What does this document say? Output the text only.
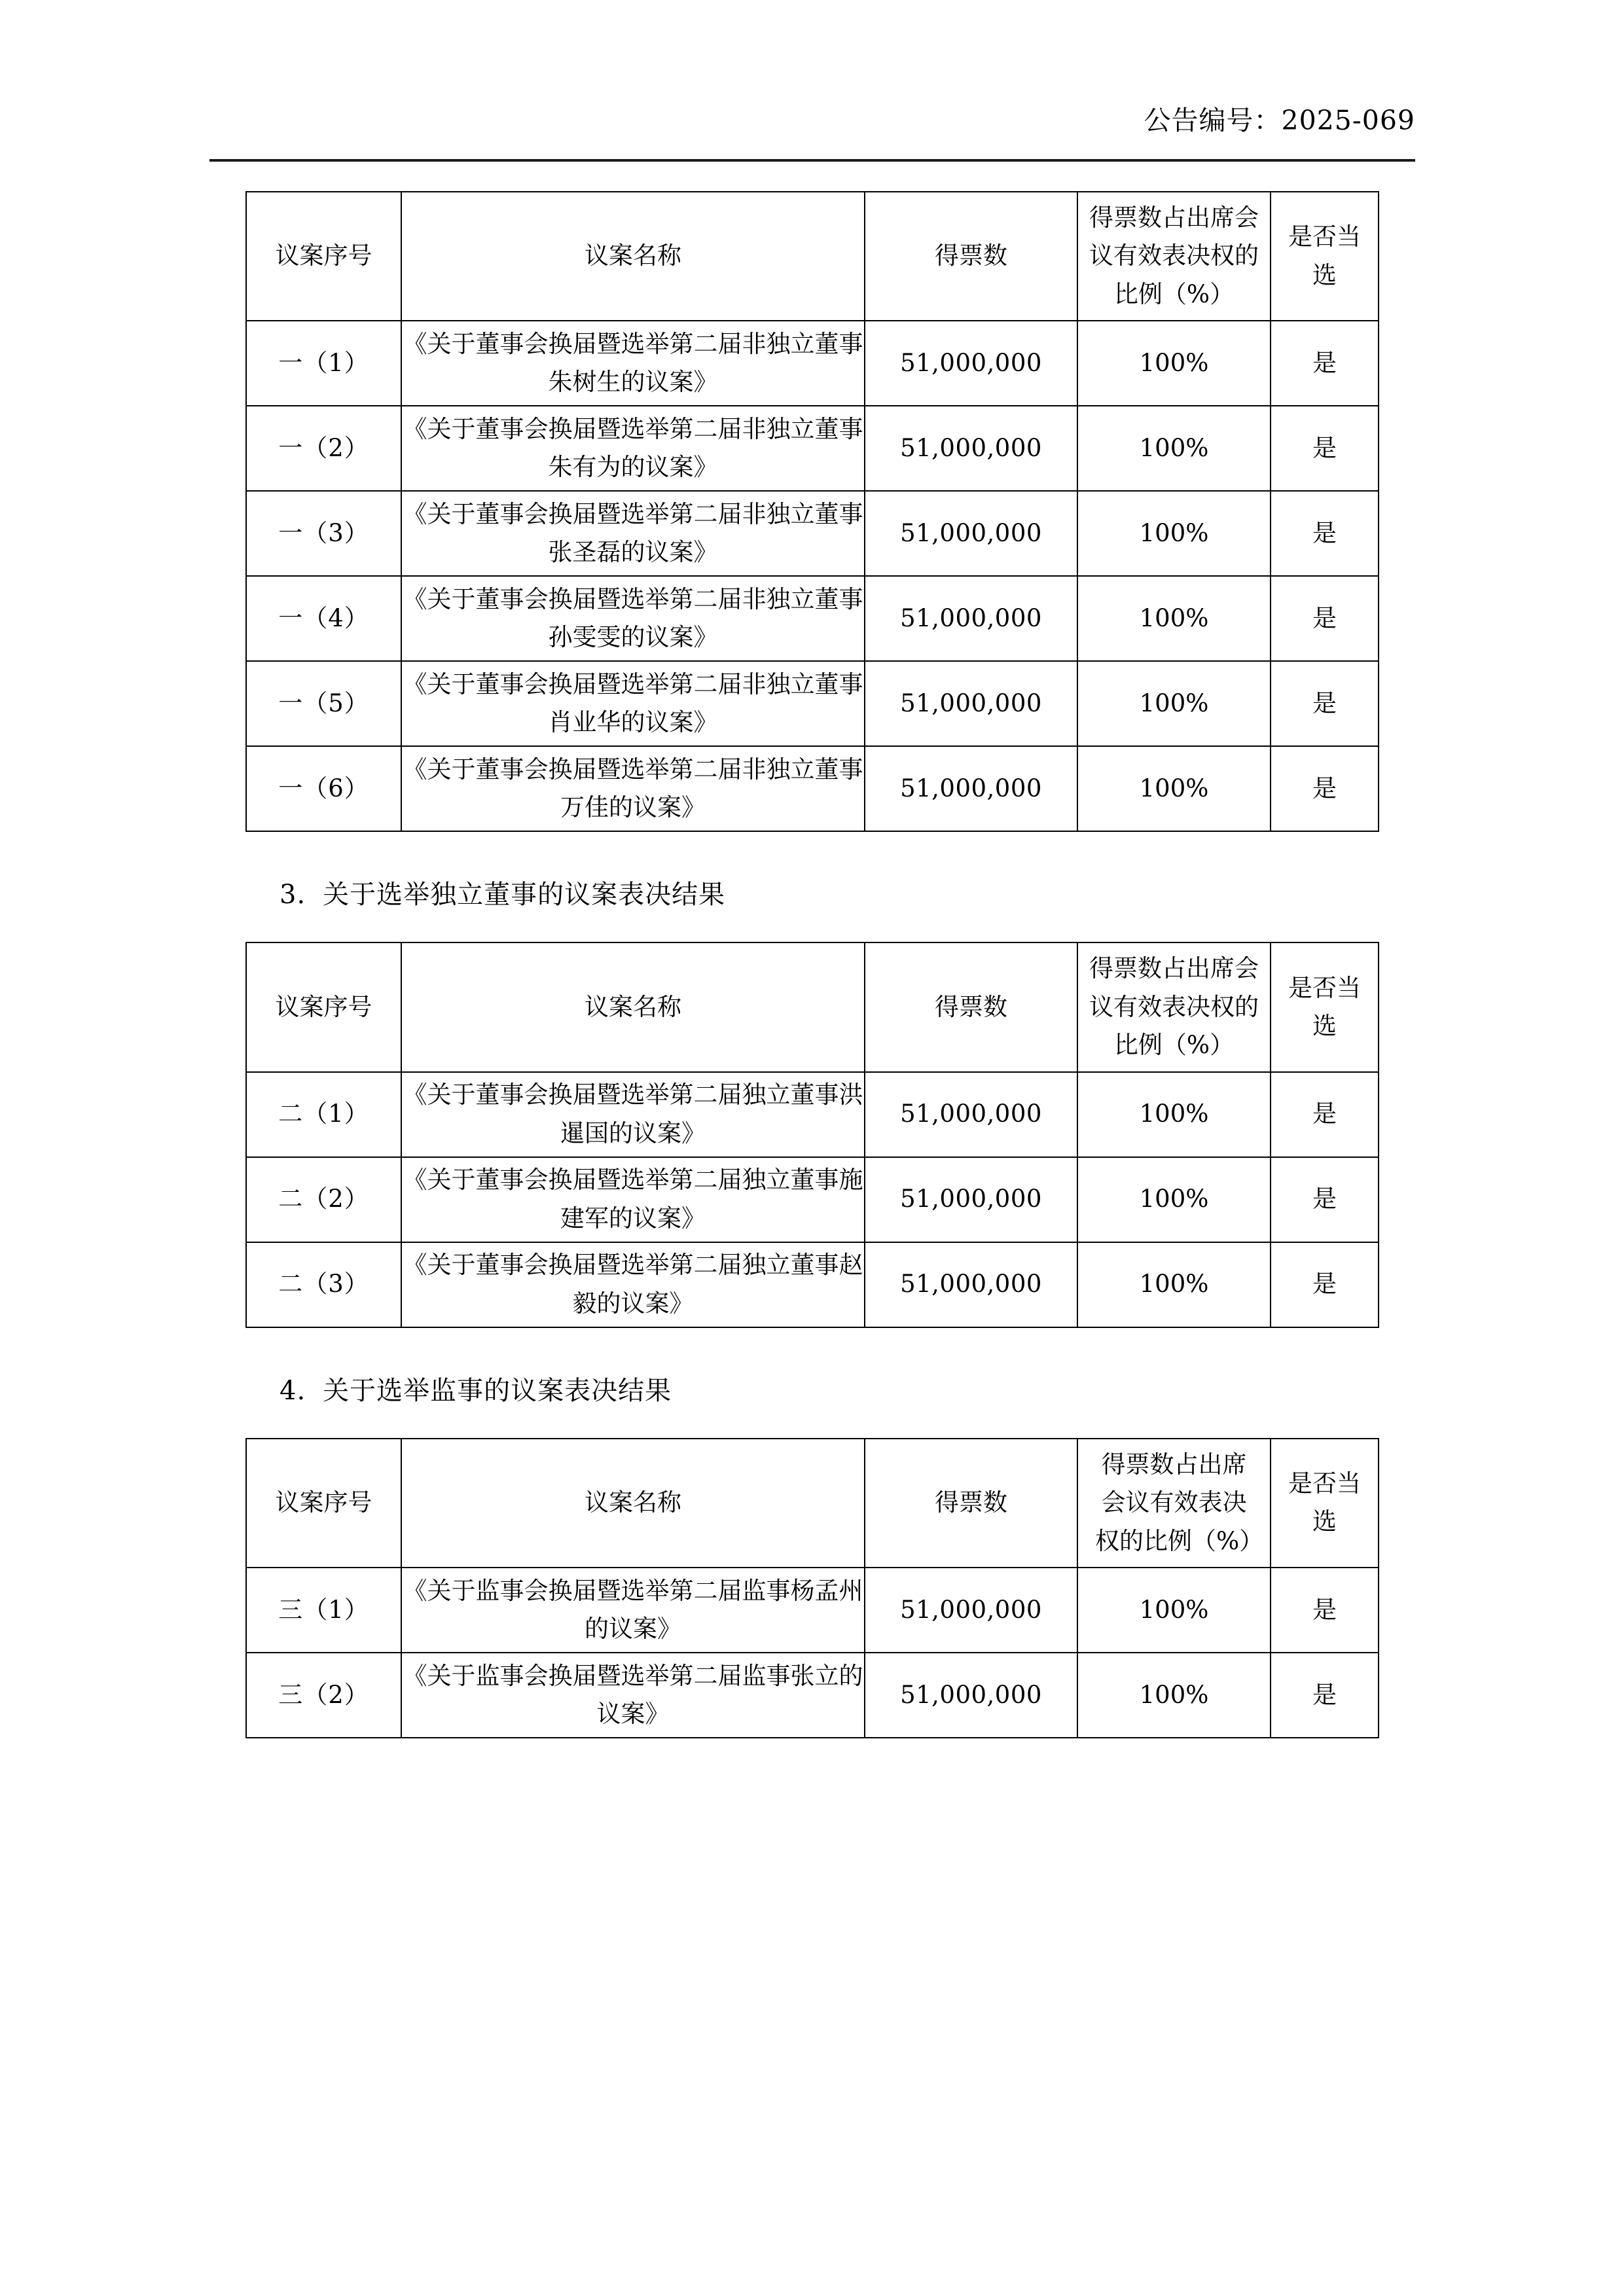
公告编号：2025-069
议案序号	议案名称	得票数	得票数占出席会议有效表决权的比例（%）	是否当选

一（1）	《关于董事会换届暨选举第二届非独立董事朱树生的议案》	51,000,000	100%	是
一（2）	《关于董事会换届暨选举第二届非独立董事朱有为的议案》	51,000,000	100%	是
一（3）	《关于董事会换届暨选举第二届非独立董事张圣磊的议案》	51,000,000	100%	是
一（4）	《关于董事会换届暨选举第二届非独立董事孙雯雯的议案》	51,000,000	100%	是
一（5）	《关于董事会换届暨选举第二届非独立董事肖业华的议案》	51,000,000	100%	是
一（6）	《关于董事会换届暨选举第二届非独立董事万佳的议案》	51,000,000	100%	是
3. 关于选举独立董事的议案表决结果
议案序号	议案名称	得票数	得票数占出席会议有效表决权的比例（%）	是否当选

二（1）	《关于董事会换届暨选举第二届独立董事洪暹国的议案》	51,000,000	100%	是
二（2）	《关于董事会换届暨选举第二届独立董事施建军的议案》	51,000,000	100%	是
二（3）	《关于董事会换届暨选举第二届独立董事赵毅的议案》	51,000,000	100%	是
4. 关于选举监事的议案表决结果
议案序号	议案名称	得票数	得票数占出席会议有效表决权的比例（%）	是否当选

三（1）	《关于监事会换届暨选举第二届监事杨孟州的议案》	51,000,000	100%	是
三（2）	《关于监事会换届暨选举第二届监事张立的议案》	51,000,000	100%	是
